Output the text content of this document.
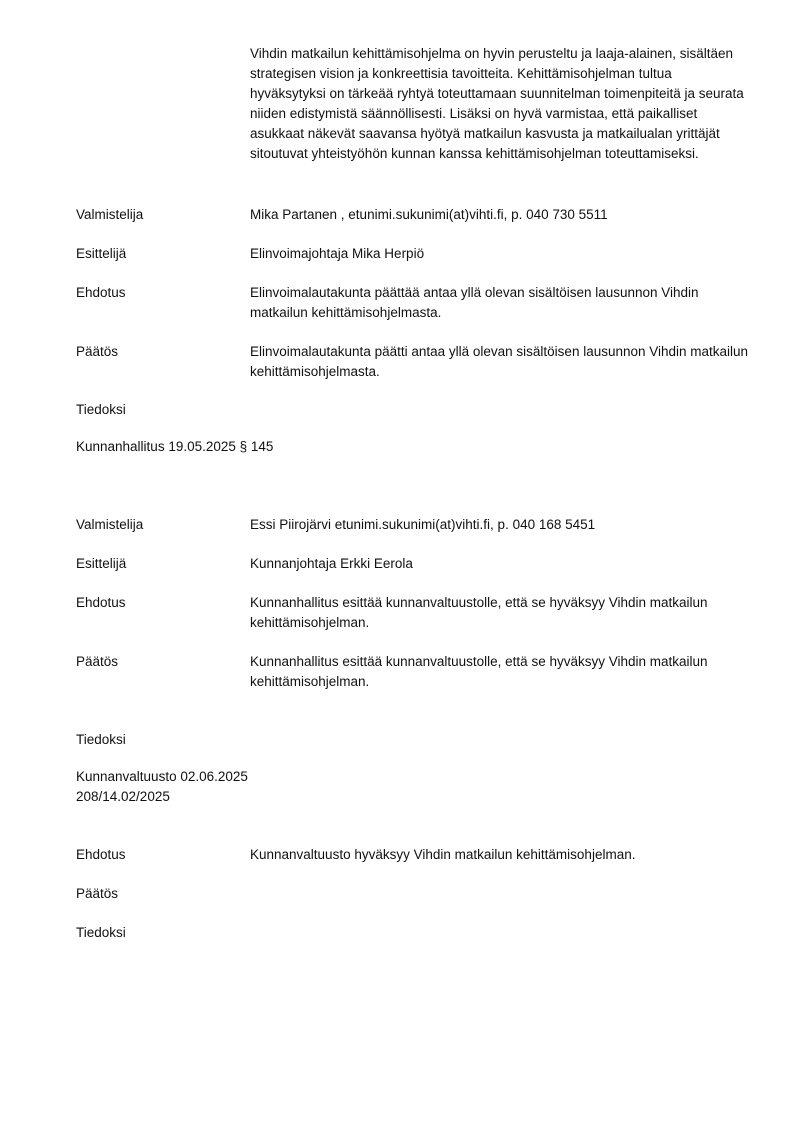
Vihdin matkailun kehittämisohjelma on hyvin perusteltu ja laaja-alainen, sisältäen strategisen vision ja konkreettisia tavoitteita. Kehittämisohjelman tultua hyväksytyksi on tärkeää ryhtyä toteuttamaan suunnitelman toimenpiteitä ja seurata niiden edistymistä säännöllisesti. Lisäksi on hyvä varmistaa, että paikalliset asukkaat näkevät saavansa hyötyä matkailun kasvusta ja matkailualan yrittäjät sitoutuvat yhteistyöhön kunnan kanssa kehittämisohjelman toteuttamiseksi.
Valmistelija	Mika Partanen , etunimi.sukunimi(at)vihti.fi, p. 040 730 5511
Esittelijä	Elinvoimajohtaja Mika Herpiö
Ehdotus	Elinvoimalautakunta päättää antaa yllä olevan sisältöisen lausunnon Vihdin matkailun kehittämisohjelmasta.
Päätös	Elinvoimalautakunta päätti antaa yllä olevan sisältöisen lausunnon Vihdin matkailun kehittämisohjelmasta.
Tiedoksi
Kunnanhallitus 19.05.2025 § 145
Valmistelija	Essi Piirojärvi etunimi.sukunimi(at)vihti.fi, p. 040 168 5451
Esittelijä	Kunnanjohtaja Erkki Eerola
Ehdotus	Kunnanhallitus esittää kunnanvaltuustolle, että se hyväksyy Vihdin matkailun kehittämisohjelman.
Päätös	Kunnanhallitus esittää kunnanvaltuustolle, että se hyväksyy Vihdin matkailun kehittämisohjelman.
Tiedoksi
Kunnanvaltuusto 02.06.2025
208/14.02/2025
Ehdotus	Kunnanvaltuusto hyväksyy Vihdin matkailun kehittämisohjelman.
Päätös
Tiedoksi
